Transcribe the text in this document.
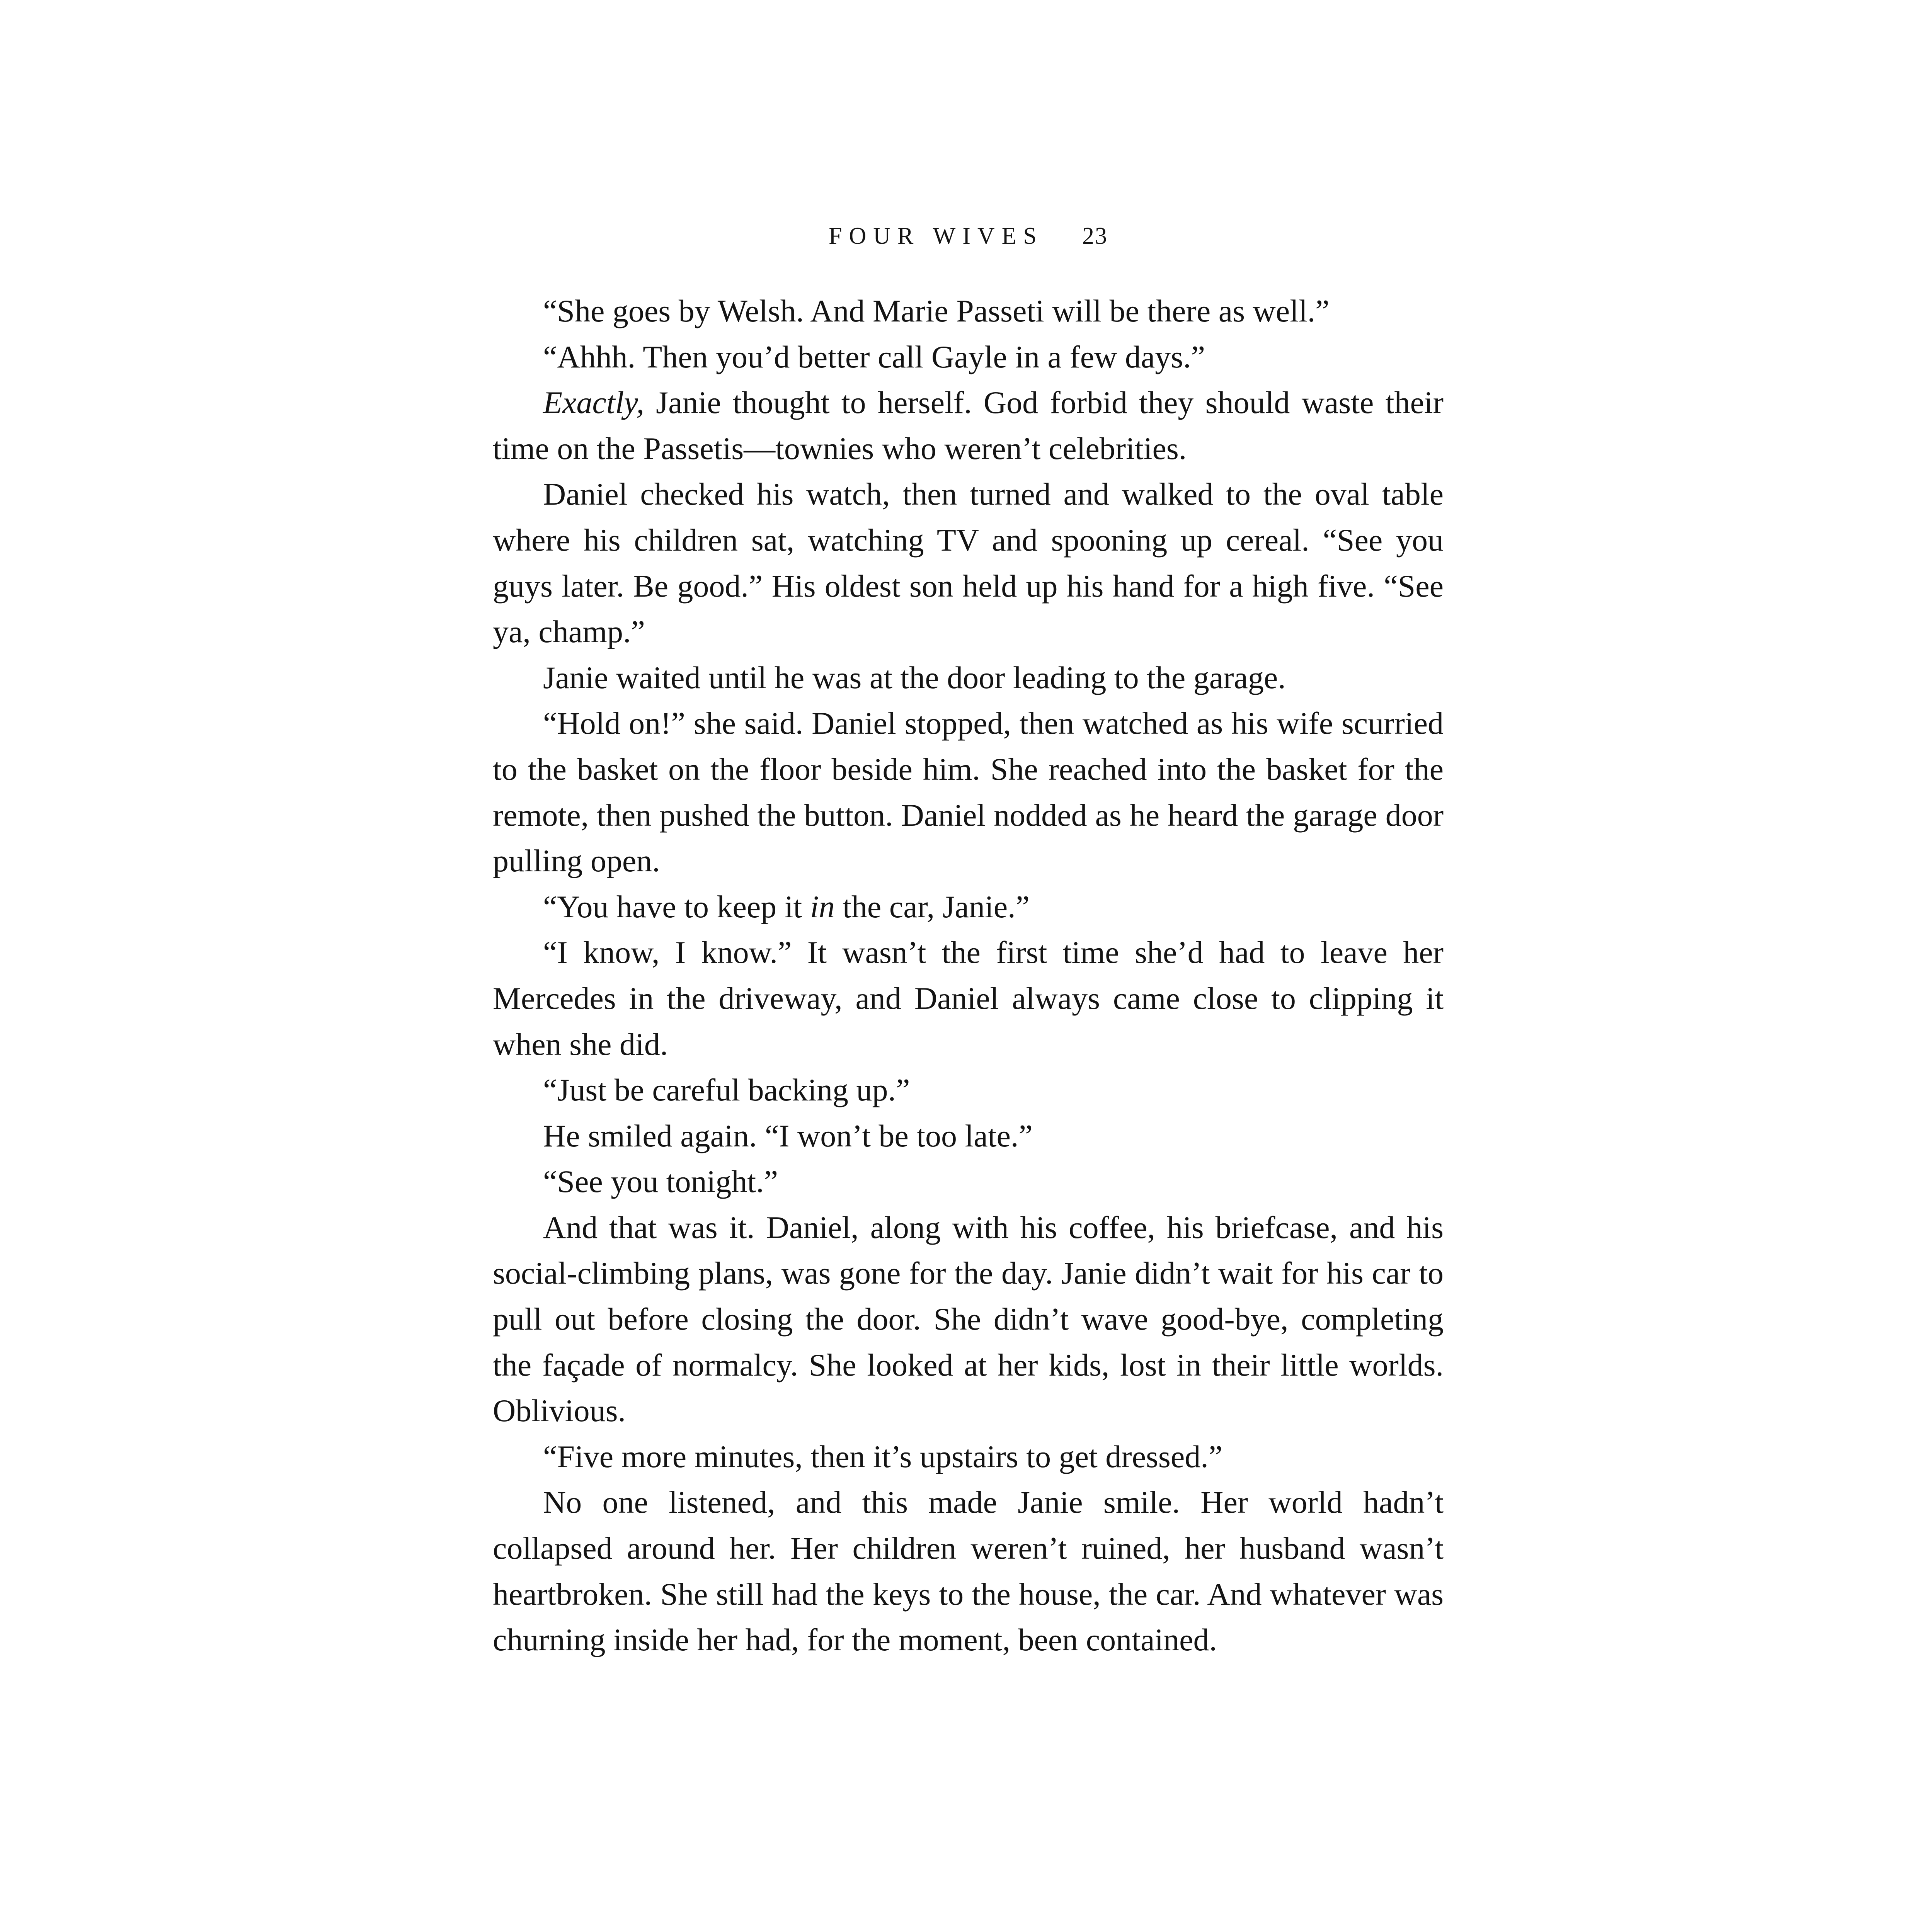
FOUR WIVES 23

“She goes by Welsh. And Marie Passeti will be there as well.”

“Ahhh. Then you’d better call Gayle in a few days.”

Exactly, Janie thought to herself. God forbid they should waste their time on the Passetis—townies who weren’t celebrities.

Daniel checked his watch, then turned and walked to the oval table where his children sat, watching TV and spooning up cereal. “See you guys later. Be good.” His oldest son held up his hand for a high five. “See ya, champ.”

Janie waited until he was at the door leading to the garage.

“Hold on!” she said. Daniel stopped, then watched as his wife scurried to the basket on the floor beside him. She reached into the basket for the remote, then pushed the button. Daniel nodded as he heard the garage door pulling open.

“You have to keep it in the car, Janie.”

“I know, I know.” It wasn’t the first time she’d had to leave her Mercedes in the driveway, and Daniel always came close to clipping it when she did.

“Just be careful backing up.”

He smiled again. “I won’t be too late.”

“See you tonight.”

And that was it. Daniel, along with his coffee, his briefcase, and his social-climbing plans, was gone for the day. Janie didn’t wait for his car to pull out before closing the door. She didn’t wave good-bye, completing the façade of normalcy. She looked at her kids, lost in their little worlds. Oblivious.

“Five more minutes, then it’s upstairs to get dressed.”

No one listened, and this made Janie smile. Her world hadn’t collapsed around her. Her children weren’t ruined, her husband wasn’t heartbroken. She still had the keys to the house, the car. And whatever was churning inside her had, for the moment, been contained.
